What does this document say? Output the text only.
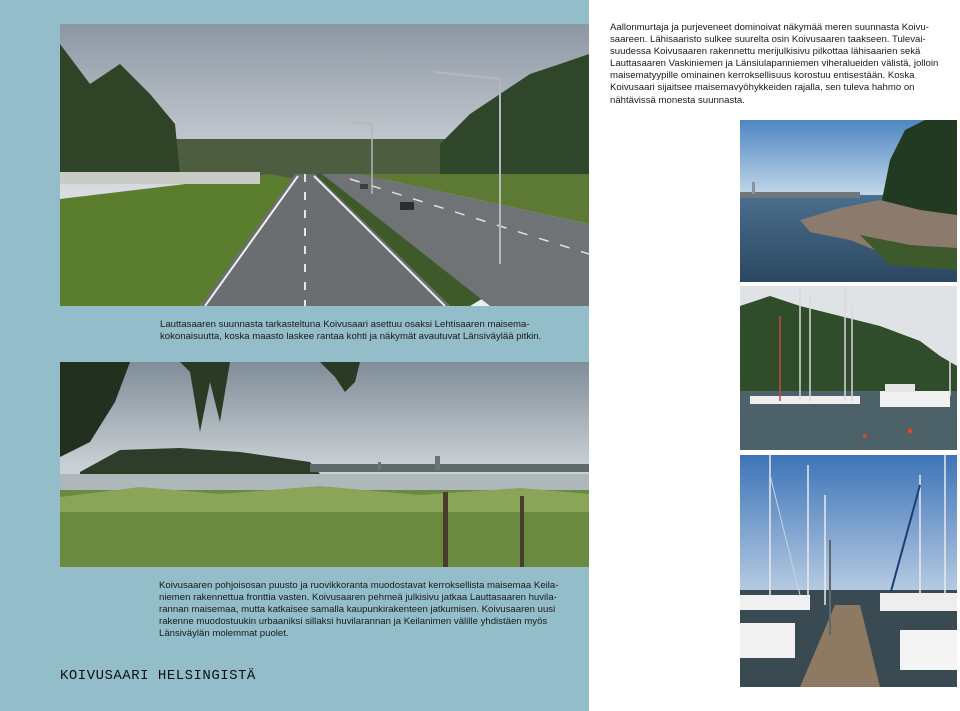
Aallonmurtaja ja purjeveneet dominoivat näkymää meren suunnasta Koivu-
saareen. Lähisaaristo sulkee suurelta osin Koivusaaren taakseen. Tulevai-
suudessa Koivusaaren rakennettu merijulkisivu pilkottaa lähisaarien sekä
Lauttasaaren Vaskiniemen ja Länsiulapanniemen viheralueiden välistä, jolloin
maisematyypille ominainen kerroksellisuus korostuu entisestään. Koska
Koivusaari sijaitsee maisemavyöhykkeiden rajalla, sen tuleva hahmo on
nähtävissä monesta suunnasta.
Lauttasaaren suunnasta tarkasteltuna Koivusaari asettuu osaksi Lehtisaaren maisema-
kokonaisuutta, koska maasto laskee rantaa kohti ja näkymät avautuvat Länsiväylää pitkin.
Koivusaaren pohjoisosan puusto ja ruovikkoranta muodostavat kerroksellista maisemaa Keila-
niemen rakennettua fronttia vasten. Koivusaaren pehmeä julkisivu jatkaa Lauttasaaren huvila-
rannan maisemaa, mutta katkaisee samalla kaupunkirakenteen jatkumisen. Koivusaaren uusi
rakenne muodostuukin urbaaniksi sillaksi huvilarannan ja Keilanimen välille yhdistäen myös
Länsiväylän molemmat puolet.
KOIVUSAARI HELSINGISTÄ
